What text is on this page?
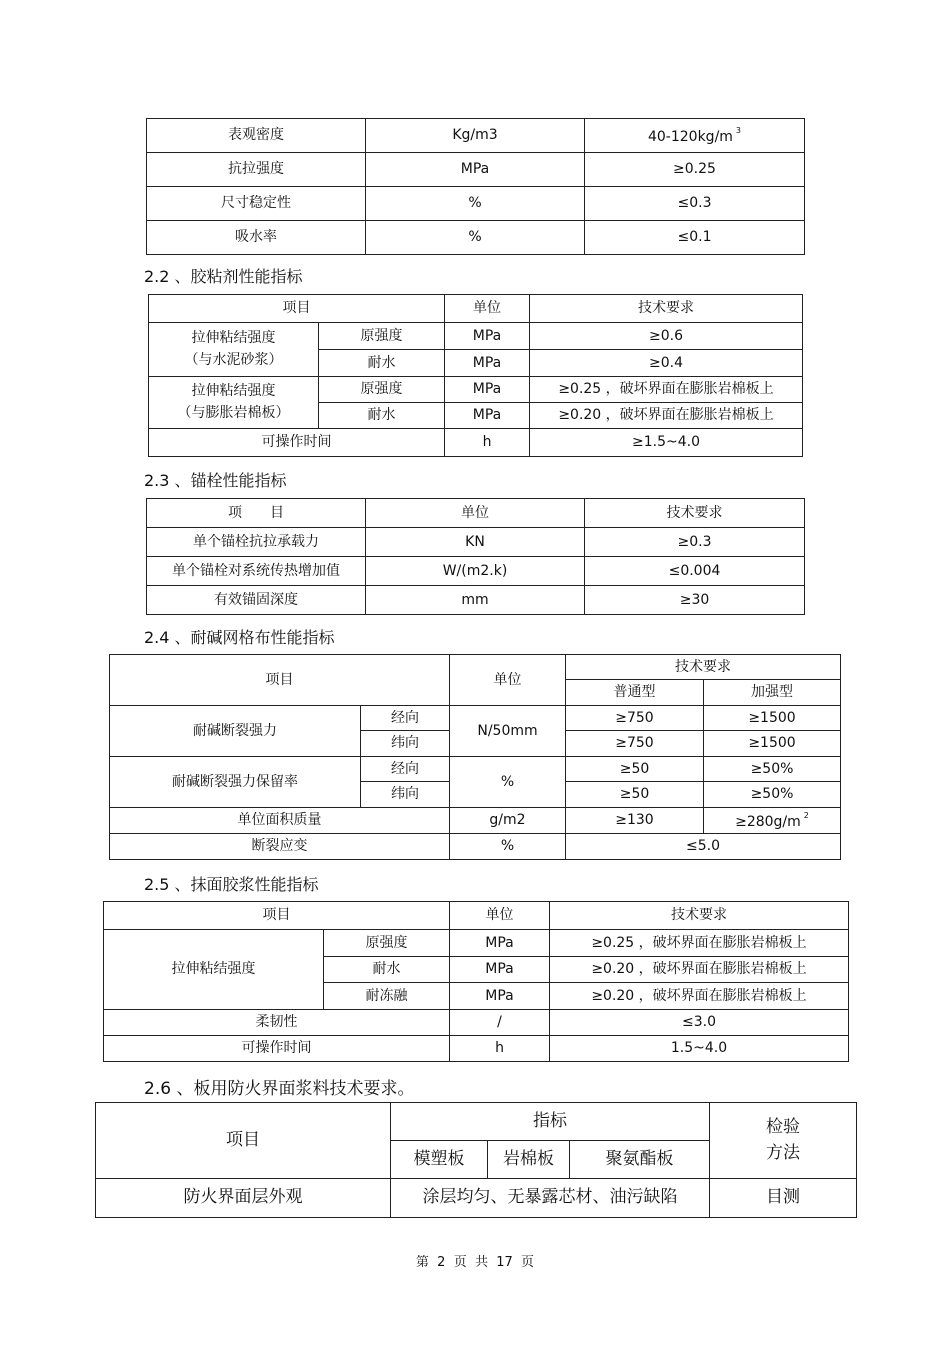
表观密度	Kg/m3	40-120kg/m $^3$
抗拉强度	MPa	≥0.25
尺寸稳定性	%	≤0.3
吸水率	%	≤0.1
2.2 、胶粘剂性能指标
项目		单位	技术要求
拉伸粘结强度
（与水泥砂浆）	原强度	MPa	≥0.6
	耐水	MPa	≥0.4
拉伸粘结强度
（与膨胀岩棉板）	原强度	MPa	≥0.25 ，破坏界面在膨胀岩棉板上
	耐水	MPa	≥0.20 ，破坏界面在膨胀岩棉板上
可操作时间		h	≥1.5~4.0
2.3 、锚栓性能指标
项　　目	单位	技术要求
单个锚栓抗拉承载力	KN	≥0.3
单个锚栓对系统传热增加值	W/(m2.k)	≤0.004
有效锚固深度	mm	≥30
2.4 、耐碱网格布性能指标
项目		单位	技术要求	
			普通型	加强型
耐碱断裂强力	经向	N/50mm	≥750	≥1500
	纬向		≥750	≥1500
耐碱断裂强力保留率	经向	%	≥50	≥50%
	纬向		≥50	≥50%
单位面积质量		g/m2	≥130	≥280g/m $^2$
断裂应变		%	≤5.0	
2.5 、抹面胶浆性能指标
项目		单位	技术要求
拉伸粘结强度	原强度	MPa	≥0.25 ，破坏界面在膨胀岩棉板上
	耐水	MPa	≥0.20 ，破坏界面在膨胀岩棉板上
	耐冻融	MPa	≥0.20 ，破坏界面在膨胀岩棉板上
柔韧性		/	≤3.0
可操作时间		h	1.5~4.0
2.6 、板用防火界面浆料技术要求。
项目	指标			检验
方法
	模塑板	岩棉板	聚氨酯板	
防火界面层外观	涂层均匀、无暴露芯材、油污缺陷			目测
第  2  页  共  17  页
